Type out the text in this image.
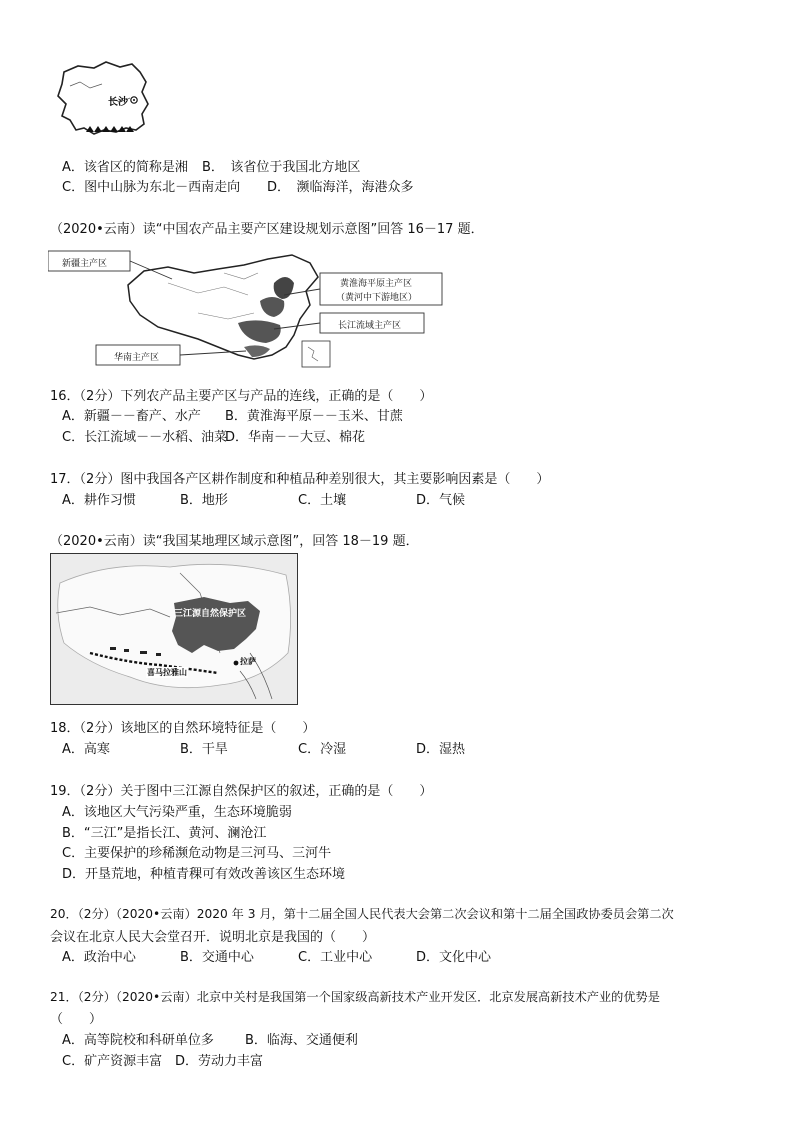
长沙
A．该省区的简称是湘 B．　该省位于我国北方地区
C．图中山脉为东北－西南走向 D．　濒临海洋，海港众多
（2020•云南）读“中国农产品主要产区建设规划示意图”回答 16－17 题．
新疆主产区
黄淮海平原主产区
（黄河中下游地区）
长江流域主产区
华南主产区
16．（2分）下列农产品主要产区与产品的连线，正确的是（　　）
A．新疆－－畜产、水产 B．黄淮海平原－－玉米、甘蔗
C．长江流域－－水稻、油菜
D．华南－－大豆、棉花
17．（2分）图中我国各产区耕作制度和种植品种差别很大，其主要影响因素是（　　）
A．耕作习惯	B．地形	C．土壤	D．气候
（2020•云南）读“我国某地理区域示意图”，回答 18－19 题．
三江源自然保护区
喜马拉雅山
拉萨
18．（2分）该地区的自然环境特征是（　　）
A．高寒	B．干旱	C．冷湿	D．湿热
19．（2分）关于图中三江源自然保护区的叙述，正确的是（　　）
A．该地区大气污染严重，生态环境脆弱
B．“三江”是指长江、黄河、澜沧江
C．主要保护的珍稀濒危动物是三河马、三河牛
D．开垦荒地，种植青稞可有效改善该区生态环境
20．（2分）（2020•云南）2020 年 3 月，第十二届全国人民代表大会第二次会议和第十二届全国政协委员会第二次
会议在北京人民大会堂召开．说明北京是我国的（　　）
A．政治中心	B．交通中心	C．工业中心	D．文化中心
21．（2分）（2020•云南）北京中关村是我国第一个国家级高新技术产业开发区．北京发展高新技术产业的优势是
（　　）
A．高等院校和科研单位多 B．临海、交通便利
C．矿产资源丰富 D．劳动力丰富
